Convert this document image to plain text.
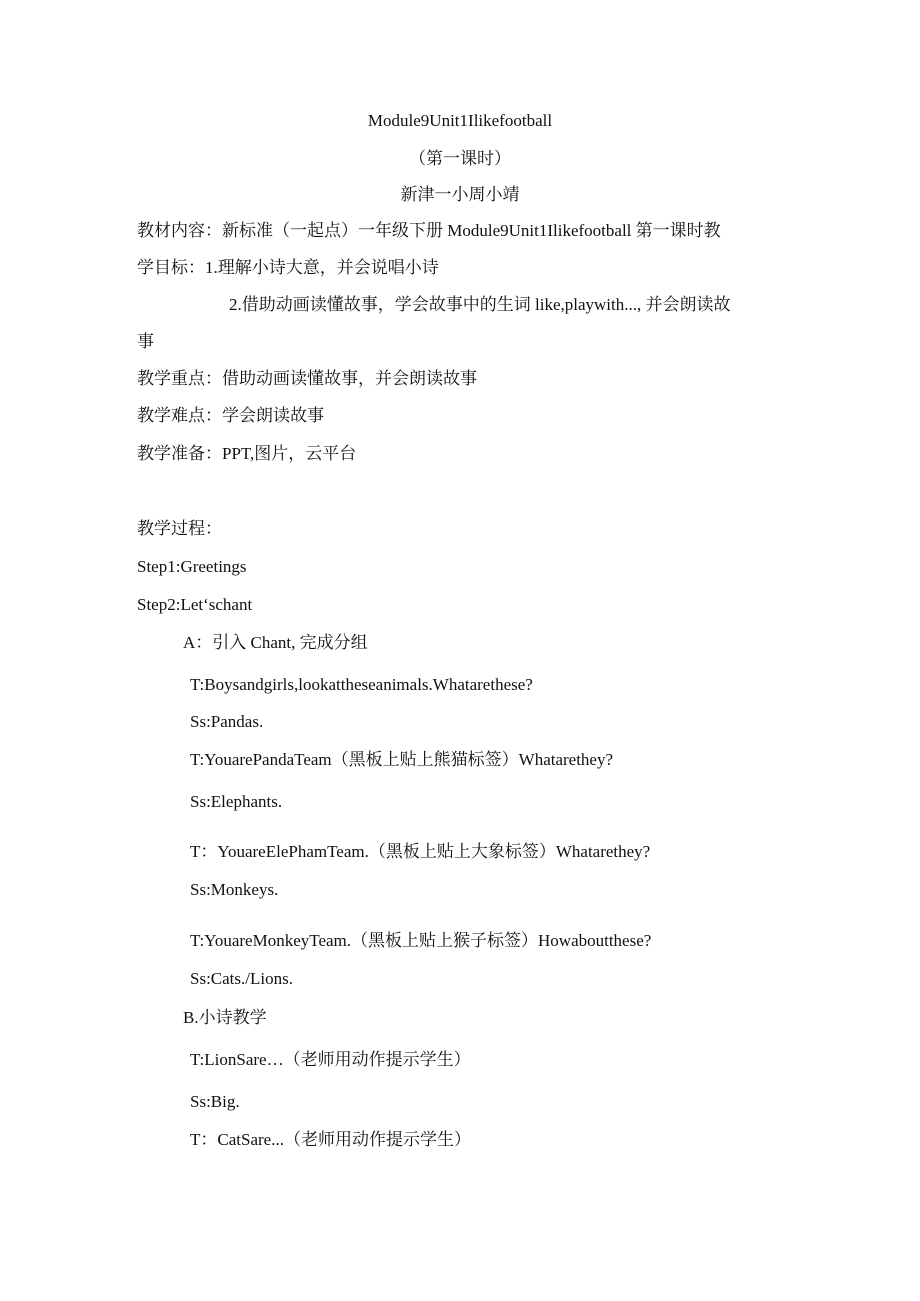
Module9Unit1Ilikefootball
（第一课时）
新津一小周小靖
教材内容：新标准（一起点）一年级下册 Module9Unit1Ilikefootball 第一课时教
学目标：1.理解小诗大意，并会说唱小诗
2.借助动画读懂故事，学会故事中的生词 like,playwith..., 并会朗读故
事
教学重点：借助动画读懂故事，并会朗读故事
教学难点：学会朗读故事
教学准备：PPT,图片，云平台
教学过程：
Step1:Greetings
Step2:Letʻschant
A：引入 Chant, 完成分组
T:Boysandgirls,lookattheseanimals.Whatarethese?
Ss:Pandas.
T:YouarePandaTeam（黑板上贴上熊猫标签）Whatarethey?
Ss:Elephants.
T：YouareElePhamTeam.（黑板上贴上大象标签）Whatarethey?
Ss:Monkeys.
T:YouareMonkeyTeam.（黑板上贴上猴子标签）Howaboutthese?
Ss:Cats./Lions.
B.小诗教学
T:LionSare…（老师用动作提示学生）
Ss:Big.
T：CatSare...（老师用动作提示学生）
